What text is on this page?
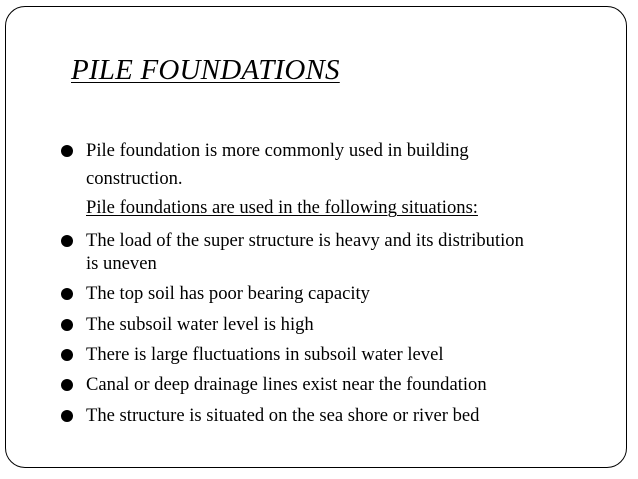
PILE FOUNDATIONS
Pile foundation is more commonly used in building
construction.
Pile foundations are used in the following situations:
The load of the super structure is heavy and its distribution
is uneven
The top soil has poor bearing capacity
The subsoil water level is high
There is large fluctuations in subsoil water level
Canal or deep drainage lines exist near the foundation
The structure is situated on the sea shore or river bed
